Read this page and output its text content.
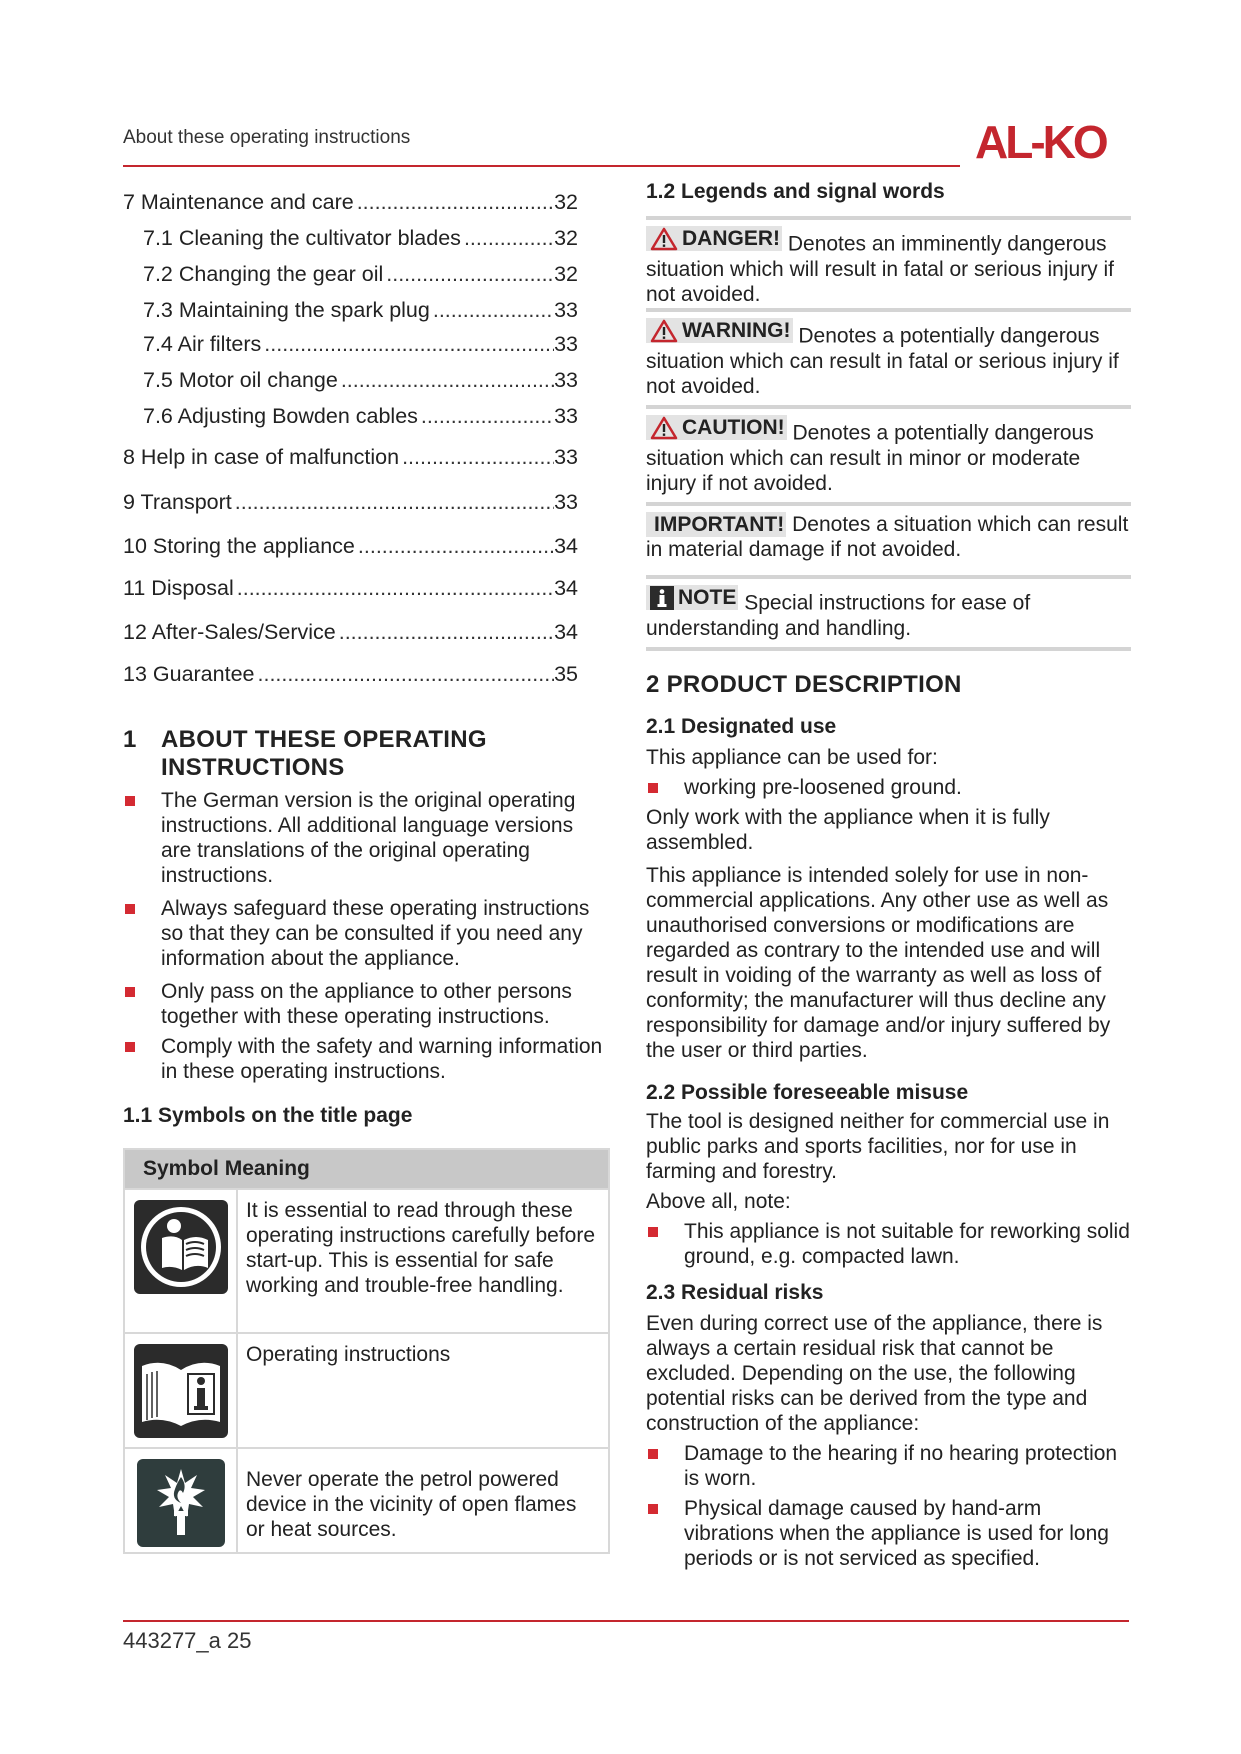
About these operating instructions	AL-KO
7 Maintenance and care .....	32
7.1 Cleaning the cultivator blades .....	32
7.2 Changing the gear oil .....	32
7.3 Maintaining the spark plug .....	33
7.4 Air filters .....	33
7.5 Motor oil change .....	33
7.6 Adjusting Bowden cables .....	33
8 Help in case of malfunction .....	33
9 Transport .....	33
10 Storing the appliance .....	34
11 Disposal .....	34
12 After-Sales/Service .....	34
13 Guarantee .....	35
1	ABOUT THESE OPERATING
INSTRUCTIONS
The German version is the original operating instructions. All additional language versions are translations of the original operating instructions.
Always safeguard these operating instructions so that they can be consulted if you need any information about the appliance.
Only pass on the appliance to other persons together with these operating instructions.
Comply with the safety and warning information in these operating instructions.
1.1 Symbols on the title page
Symbol
Meaning
It is essential to read through these operating instructions carefully before start-up. This is essential for safe working and trouble-free handling.
Operating instructions
Never operate the petrol powered device in the vicinity of open flames or heat sources.
1.2 Legends and signal words
DANGER! Denotes an imminently dangerous situation which will result in fatal or serious injury if not avoided.
WARNING! Denotes a potentially dangerous situation which can result in fatal or serious injury if not avoided.
CAUTION! Denotes a potentially dangerous situation which can result in minor or moderate injury if not avoided.
IMPORTANT! Denotes a situation which can result in material damage if not avoided.
NOTE Special instructions for ease of understanding and handling.
2 PRODUCT DESCRIPTION
2.1 Designated use
This appliance can be used for:
working pre-loosened ground.
Only work with the appliance when it is fully assembled.
This appliance is intended solely for use in non-commercial applications. Any other use as well as unauthorised conversions or modifications are regarded as contrary to the intended use and will result in voiding of the warranty as well as loss of conformity; the manufacturer will thus decline any responsibility for damage and/or injury suffered by the user or third parties.
2.2 Possible foreseeable misuse
The tool is designed neither for commercial use in public parks and sports facilities, nor for use in farming and forestry.
Above all, note:
This appliance is not suitable for reworking solid ground, e.g. compacted lawn.
2.3 Residual risks
Even during correct use of the appliance, there is always a certain residual risk that cannot be excluded. Depending on the use, the following potential risks can be derived from the type and construction of the appliance:
Damage to the hearing if no hearing protection is worn.
Physical damage caused by hand-arm vibrations when the appliance is used for long periods or is not serviced as specified.
443277_a 25
